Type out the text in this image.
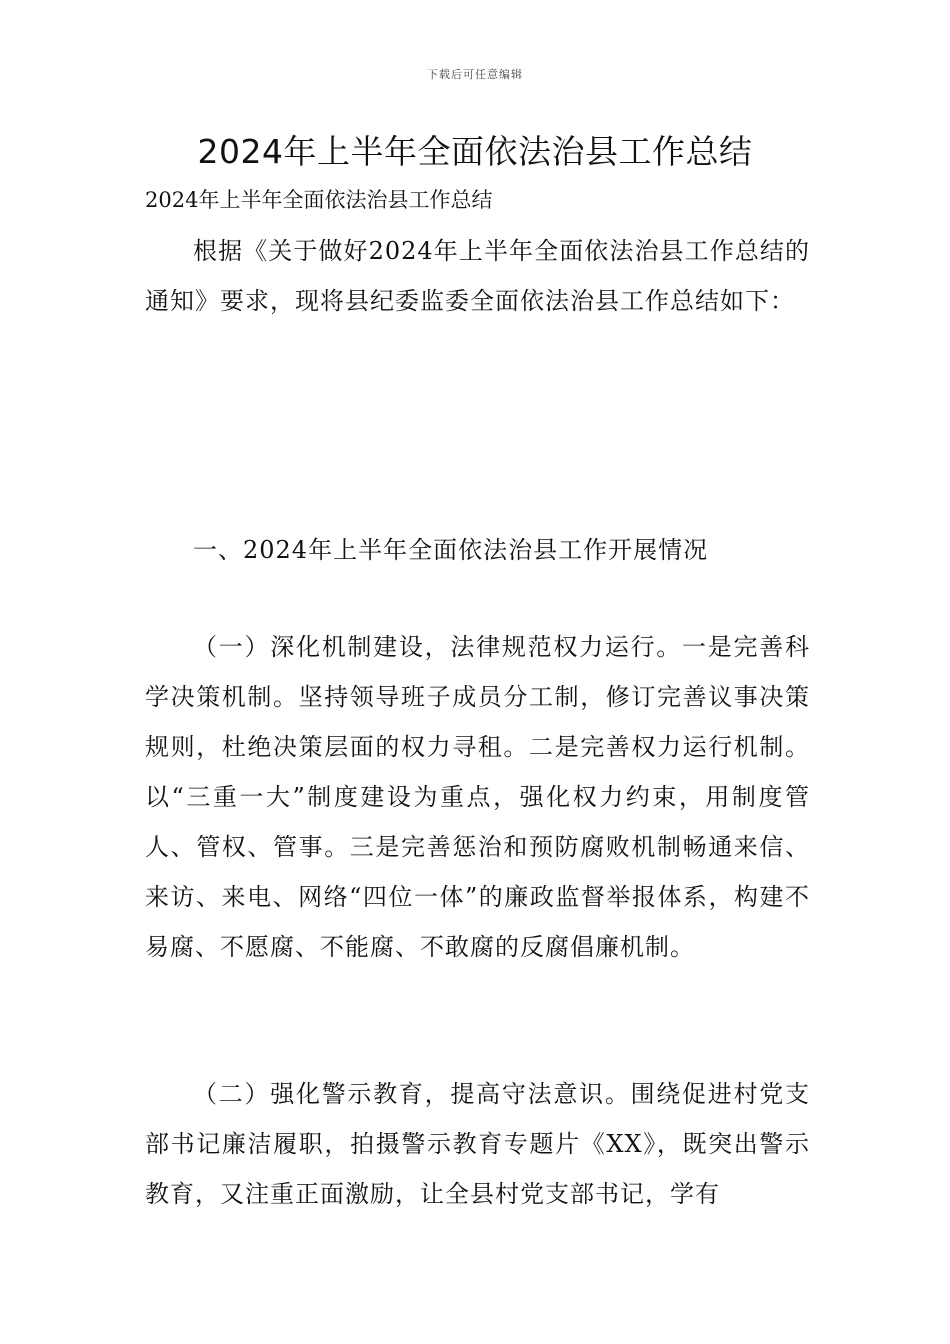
下载后可任意编辑
2024年上半年全面依法治县工作总结
2024年上半年全面依法治县工作总结

根据《关于做好2024年上半年全面依法治县工作总结的通知》要求，现将县纪委监委全面依法治县工作总结如下：

一、2024年上半年全面依法治县工作开展情况

（一）深化机制建设，法律规范权力运行。一是完善科学决策机制。坚持领导班子成员分工制，修订完善议事决策规则，杜绝决策层面的权力寻租。二是完善权力运行机制。以“三重一大”制度建设为重点，强化权力约束，用制度管人、管权、管事。三是完善惩治和预防腐败机制畅通来信、来访、来电、网络“四位一体”的廉政监督举报体系，构建不易腐、不愿腐、不能腐、不敢腐的反腐倡廉机制。

（二）强化警示教育，提高守法意识。围绕促进村党支部书记廉洁履职，拍摄警示教育专题片《XX》，既突出警示教育，又注重正面激励，让全县村党支部书记，学有
